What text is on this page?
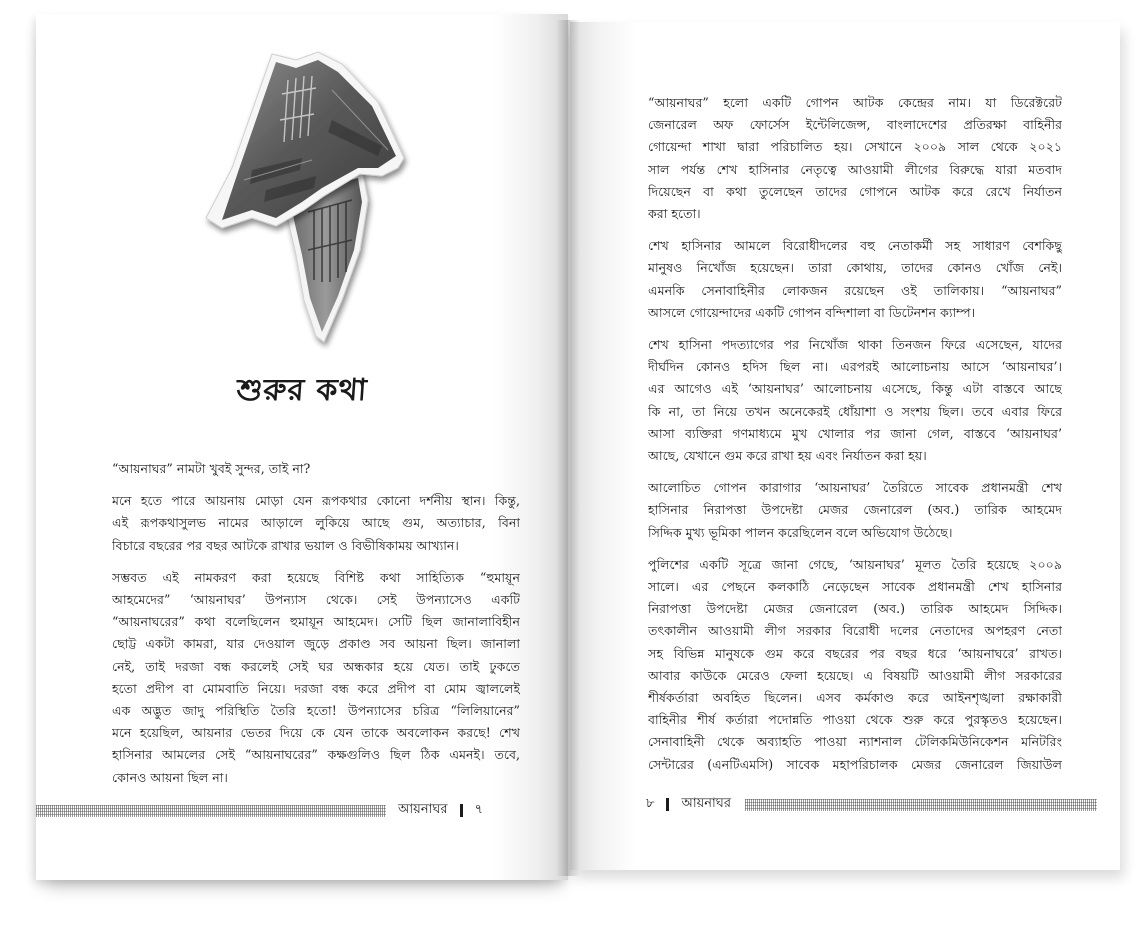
শুরুর কথা
“আয়নাঘর” নামটা খুবই সুন্দর, তাই না?
মনে হতে পারে আয়নায় মোড়া যেন রূপকথার কোনো দর্শনীয় স্থান। কিন্তু,
এই রূপকথাসুলভ নামের আড়ালে লুকিয়ে আছে গুম, অত্যাচার, বিনা
বিচারে বছরের পর বছর আটকে রাখার ভয়াল ও বিভীষিকাময় আখ্যান।
সম্ভবত এই নামকরণ করা হয়েছে বিশিষ্ট কথা সাহিত্যিক “হুমায়ূন
আহমেদের” ‘আয়নাঘর’ উপন্যাস থেকে। সেই উপন্যাসেও একটি
“আয়নাঘরের” কথা বলেছিলেন হুমায়ূন আহমেদ। সেটি ছিল জানালাবিহীন
ছোট্ট একটা কামরা, যার দেওয়াল জুড়ে প্রকাণ্ড সব আয়না ছিল। জানালা
নেই, তাই দরজা বন্ধ করলেই সেই ঘর অন্ধকার হয়ে যেত। তাই ঢুকতে
হতো প্রদীপ বা মোমবাতি নিয়ে। দরজা বন্ধ করে প্রদীপ বা মোম জ্বাললেই
এক অদ্ভুত জাদু পরিস্থিতি তৈরি হতো! উপন্যাসের চরিত্র “লিলিয়ানের”
মনে হয়েছিল, আয়নার ভেতর দিয়ে কে যেন তাকে অবলোকন করছে! শেখ
হাসিনার আমলের সেই “আয়নাঘরের” কক্ষগুলিও ছিল ঠিক এমনই। তবে,
কোনও আয়না ছিল না।
আয়নাঘর ৭
“আয়নাঘর” হলো একটি গোপন আটক কেন্দ্রের নাম। যা ডিরেক্টরেট
জেনারেল অফ ফোর্সেস ইন্টেলিজেন্স, বাংলাদেশের প্রতিরক্ষা বাহিনীর
গোয়েন্দা শাখা দ্বারা পরিচালিত হয়। সেখানে ২০০৯ সাল থেকে ২০২১
সাল পর্যন্ত শেখ হাসিনার নেতৃত্বে আওয়ামী লীগের বিরুদ্ধে যারা মতবাদ
দিয়েছেন বা কথা তুলেছেন তাদের গোপনে আটক করে রেখে নির্যাতন
করা হতো।
শেখ হাসিনার আমলে বিরোধীদলের বহু নেতাকর্মী সহ সাধারণ বেশকিছু
মানুষও নিখোঁজ হয়েছেন। তারা কোথায়, তাদের কোনও খোঁজ নেই।
এমনকি সেনাবাহিনীর লোকজন রয়েছেন ওই তালিকায়। “আয়নাঘর”
আসলে গোয়েন্দাদের একটি গোপন বন্দিশালা বা ডিটেনশন ক্যাম্প।
শেখ হাসিনা পদত্যাগের পর নিখোঁজ থাকা তিনজন ফিরে এসেছেন, যাদের
দীর্ঘদিন কোনও হদিস ছিল না। এরপরই আলোচনায় আসে ‘আয়নাঘর’।
এর আগেও এই ‘আয়নাঘর’ আলোচনায় এসেছে, কিন্তু এটা বাস্তবে আছে
কি না, তা নিয়ে তখন অনেকেরই ধোঁয়াশা ও সংশয় ছিল। তবে এবার ফিরে
আসা ব্যক্তিরা গণমাধ্যমে মুখ খোলার পর জানা গেল, বাস্তবে ‘আয়নাঘর’
আছে, যেখানে গুম করে রাখা হয় এবং নির্যাতন করা হয়।
আলোচিত গোপন কারাগার ‘আয়নাঘর’ তৈরিতে সাবেক প্রধানমন্ত্রী শেখ
হাসিনার নিরাপত্তা উপদেষ্টা মেজর জেনারেল (অব.) তারিক আহমেদ
সিদ্দিক মুখ্য ভূমিকা পালন করেছিলেন বলে অভিযোগ উঠেছে।
পুলিশের একটি সূত্রে জানা গেছে, ‘আয়নাঘর’ মূলত তৈরি হয়েছে ২০০৯
সালে। এর পেছনে কলকাঠি নেড়েছেন সাবেক প্রধানমন্ত্রী শেখ হাসিনার
নিরাপত্তা উপদেষ্টা মেজর জেনারেল (অব.) তারিক আহমেদ সিদ্দিক।
তৎকালীন আওয়ামী লীগ সরকার বিরোধী দলের নেতাদের অপহরণ নেতা
সহ বিভিন্ন মানুষকে গুম করে বছরের পর বছর ধরে ‘আয়নাঘরে’ রাখত।
আবার কাউকে মেরেও ফেলা হয়েছে। এ বিষয়টি আওয়ামী লীগ সরকারের
শীর্ষকর্তারা অবহিত ছিলেন। এসব কর্মকাণ্ড করে আইনশৃঙ্খলা রক্ষাকারী
বাহিনীর শীর্ষ কর্তারা পদোন্নতি পাওয়া থেকে শুরু করে পুরস্কৃতও হয়েছেন।
সেনাবাহিনী থেকে অব্যাহতি পাওয়া ন্যাশনাল টেলিকমিউনিকেশন মনিটরিং
সেন্টারের (এনটিএমসি) সাবেক মহাপরিচালক মেজর জেনারেল জিয়াউল
৮ আয়নাঘর
